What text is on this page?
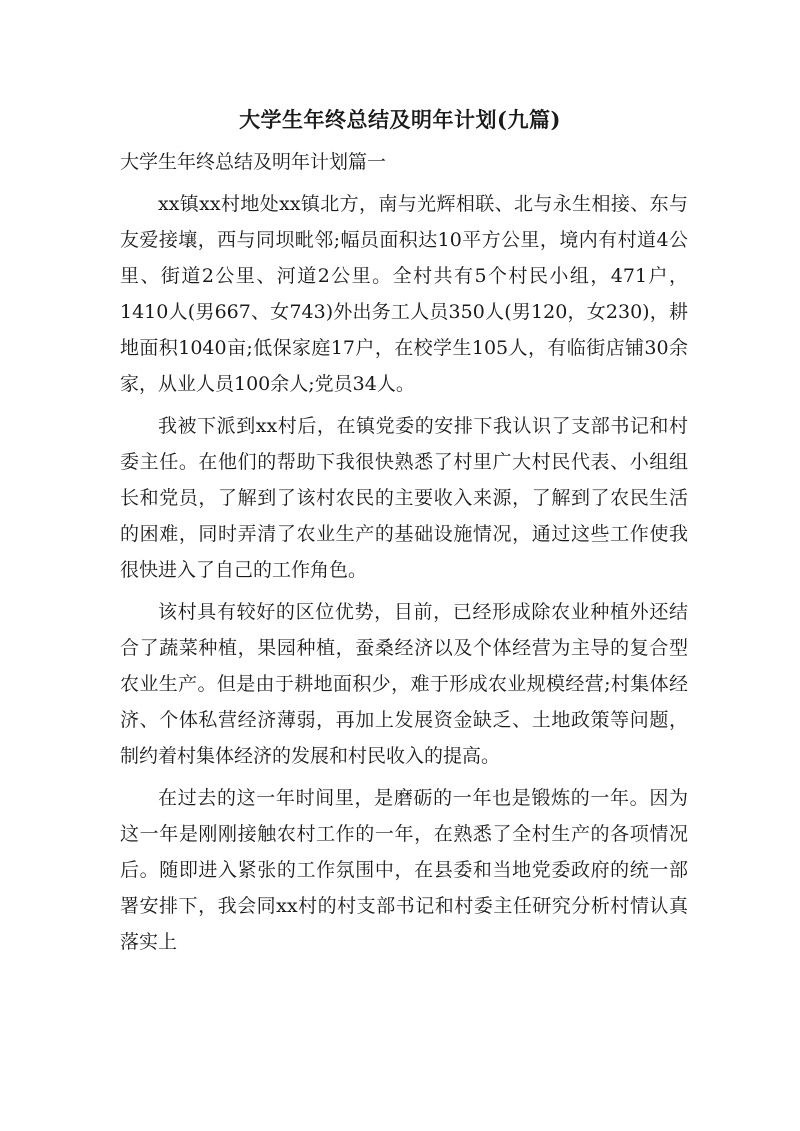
大学生年终总结及明年计划(九篇)
大学生年终总结及明年计划篇一

xx镇xx村地处xx镇北方，南与光辉相联、北与永生相接、东与友爱接壤，西与同坝毗邻;幅员面积达10平方公里，境内有村道4公里、街道2公里、河道2公里。全村共有5个村民小组，471户，1410人(男667、女743)外出务工人员350人(男120，女230)，耕地面积1040亩;低保家庭17户，在校学生105人，有临街店铺30余家，从业人员100余人;党员34人。

我被下派到xx村后，在镇党委的安排下我认识了支部书记和村委主任。在他们的帮助下我很快熟悉了村里广大村民代表、小组组长和党员，了解到了该村农民的主要收入来源，了解到了农民生活的困难，同时弄清了农业生产的基础设施情况，通过这些工作使我很快进入了自己的工作角色。

该村具有较好的区位优势，目前，已经形成除农业种植外还结合了蔬菜种植，果园种植，蚕桑经济以及个体经营为主导的复合型农业生产。但是由于耕地面积少，难于形成农业规模经营;村集体经济、个体私营经济薄弱，再加上发展资金缺乏、土地政策等问题，制约着村集体经济的发展和村民收入的提高。

在过去的这一年时间里，是磨砺的一年也是锻炼的一年。因为这一年是刚刚接触农村工作的一年，在熟悉了全村生产的各项情况后。随即进入紧张的工作氛围中，在县委和当地党委政府的统一部署安排下，我会同xx村的村支部书记和村委主任研究分析村情认真落实上
